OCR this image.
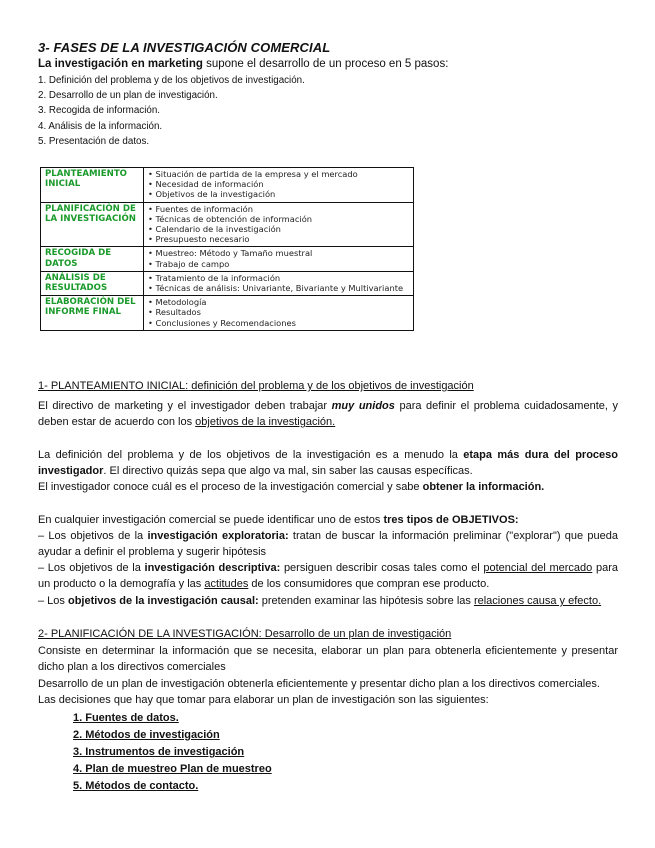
3- FASES DE LA INVESTIGACIÓN COMERCIAL
La investigación en marketing supone el desarrollo de un proceso en 5 pasos:
1. Definición del problema y de los objetivos de investigación.
2. Desarrollo de un plan de investigación.
3. Recogida de información.
4. Análisis de la información.
5. Presentación de datos.
PLANTEAMIENTO INICIAL	• Situación de partida de la empresa y el mercado
• Necesidad de información
• Objetivos de la investigación

PLANIFICACIÓN DE LA INVESTIGACIÓN	• Fuentes de información
• Técnicas de obtención de información
• Calendario de la investigación
• Presupuesto necesario

RECOGIDA DE DATOS	• Muestreo: Método y Tamaño muestral
• Trabajo de campo

ANÁLISIS DE RESULTADOS	• Tratamiento de la información
• Técnicas de análisis: Univariante, Bivariante y Multivariante

ELABORACIÓN DEL INFORME FINAL	• Metodología
• Resultados
• Conclusiones y Recomendaciones
1- PLANTEAMIENTO INICIAL: definición del problema y de los objetivos de investigación

El directivo de marketing y el investigador deben trabajar muy unidos para definir el problema cuidadosamente, y deben estar de acuerdo con los objetivos de la investigación.

La definición del problema y de los objetivos de la investigación es a menudo la etapa más dura del proceso investigador. El directivo quizás sepa que algo va mal, sin saber las causas específicas.

El investigador conoce cuál es el proceso de la investigación comercial y sabe obtener la información.

En cualquier investigación comercial se puede identificar uno de estos tres tipos de OBJETIVOS:

– Los objetivos de la investigación exploratoria: tratan de buscar la información preliminar ("explorar") que pueda ayudar a definir el problema y sugerir hipótesis

– Los objetivos de la investigación descriptiva: persiguen describir cosas tales como el potencial del mercado para un producto o la demografía y las actitudes de los consumidores que compran ese producto.

– Los objetivos de la investigación causal: pretenden examinar las hipótesis sobre las relaciones causa y efecto.

2- PLANIFICACIÓN DE LA INVESTIGACIÓN: Desarrollo de un plan de investigación

Consiste en determinar la información que se necesita, elaborar un plan para obtenerla eficientemente y presentar dicho plan a los directivos comerciales

Desarrollo de un plan de investigación obtenerla eficientemente y presentar dicho plan a los directivos comerciales.

Las decisiones que hay que tomar para elaborar un plan de investigación son las siguientes:

1. Fuentes de datos.
2. Métodos de investigación
3. Instrumentos de investigación
4. Plan de muestreo Plan de muestreo
5. Métodos de contacto.
